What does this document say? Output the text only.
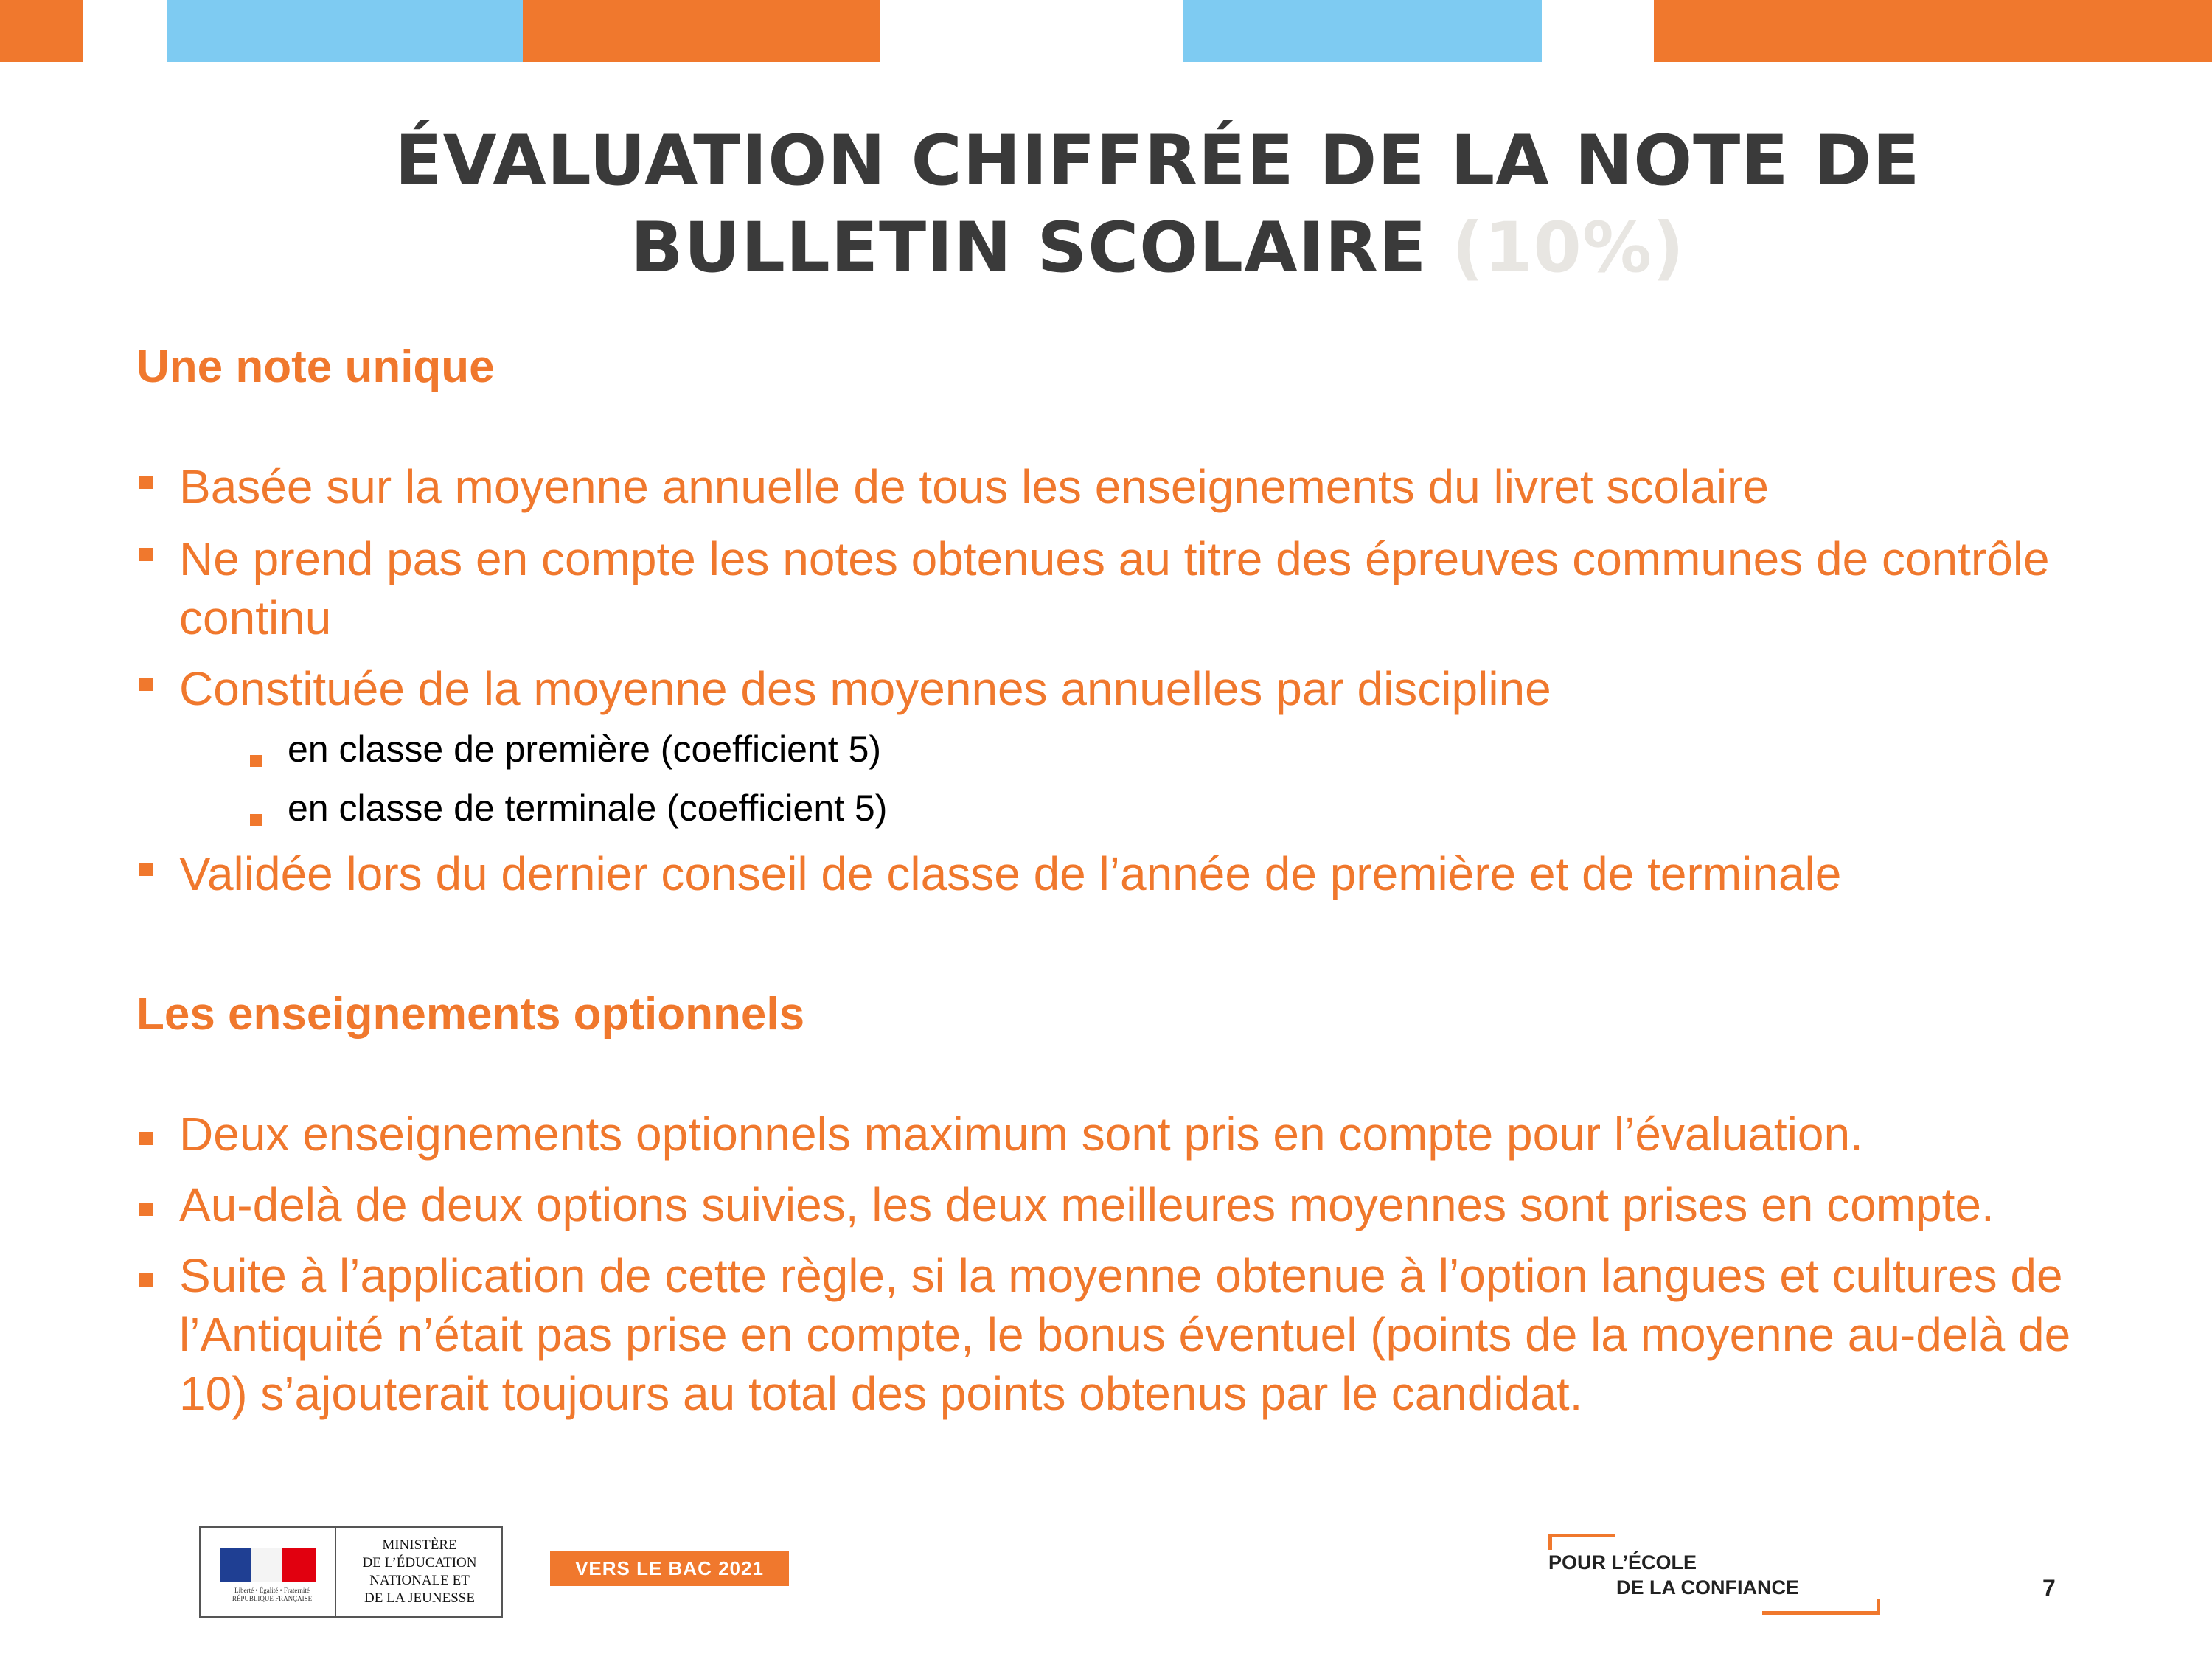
ÉVALUATION CHIFFRÉE DE LA NOTE DE
BULLETIN SCOLAIRE (10%)
Une note unique
Basée sur la moyenne annuelle de tous les enseignements du livret scolaire
Ne prend pas en compte les notes obtenues au titre des épreuves communes de contrôle continu
Constituée de la moyenne des moyennes annuelles par discipline
en classe de première (coefficient 5)
en classe de terminale (coefficient 5)
Validée lors du dernier conseil de classe de l’année de première et de terminale
Les enseignements optionnels
Deux enseignements optionnels maximum sont pris en compte pour l’évaluation.
Au-delà de deux options suivies, les deux meilleures moyennes sont prises en compte.
Suite à l’application de cette règle, si la moyenne obtenue à l’option langues et cultures de l’Antiquité n’était pas prise en compte, le bonus éventuel (points de la moyenne au-delà de 10) s’ajouterait toujours au total des points obtenus par le candidat.
Liberté • Égalité • Fraternité
RÉPUBLIQUE FRANÇAISE
MINISTÈRE
DE L’ÉDUCATION
NATIONALE ET
DE LA JEUNESSE
VERS LE BAC 2021	POUR L’ÉCOLE
DE LA CONFIANCE	7
